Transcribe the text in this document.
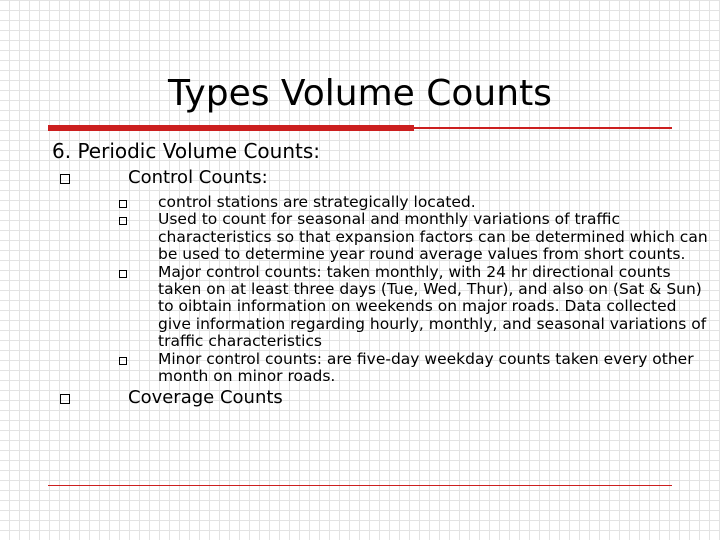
Types Volume Counts
6. Periodic Volume Counts:
Control Counts:
control stations are strategically located.
Used to count for seasonal and monthly variations of traffic characteristics so that expansion factors can be determined which can be used to determine year round average values from short counts.
Major control counts: taken monthly, with 24 hr directional counts taken on at least three days (Tue, Wed, Thur), and also on (Sat & Sun) to oibtain information on weekends on major roads. Data collected give information regarding hourly, monthly, and seasonal variations of traffic characteristics
Minor control counts: are five-day weekday counts taken every other month on minor roads.
Coverage Counts
